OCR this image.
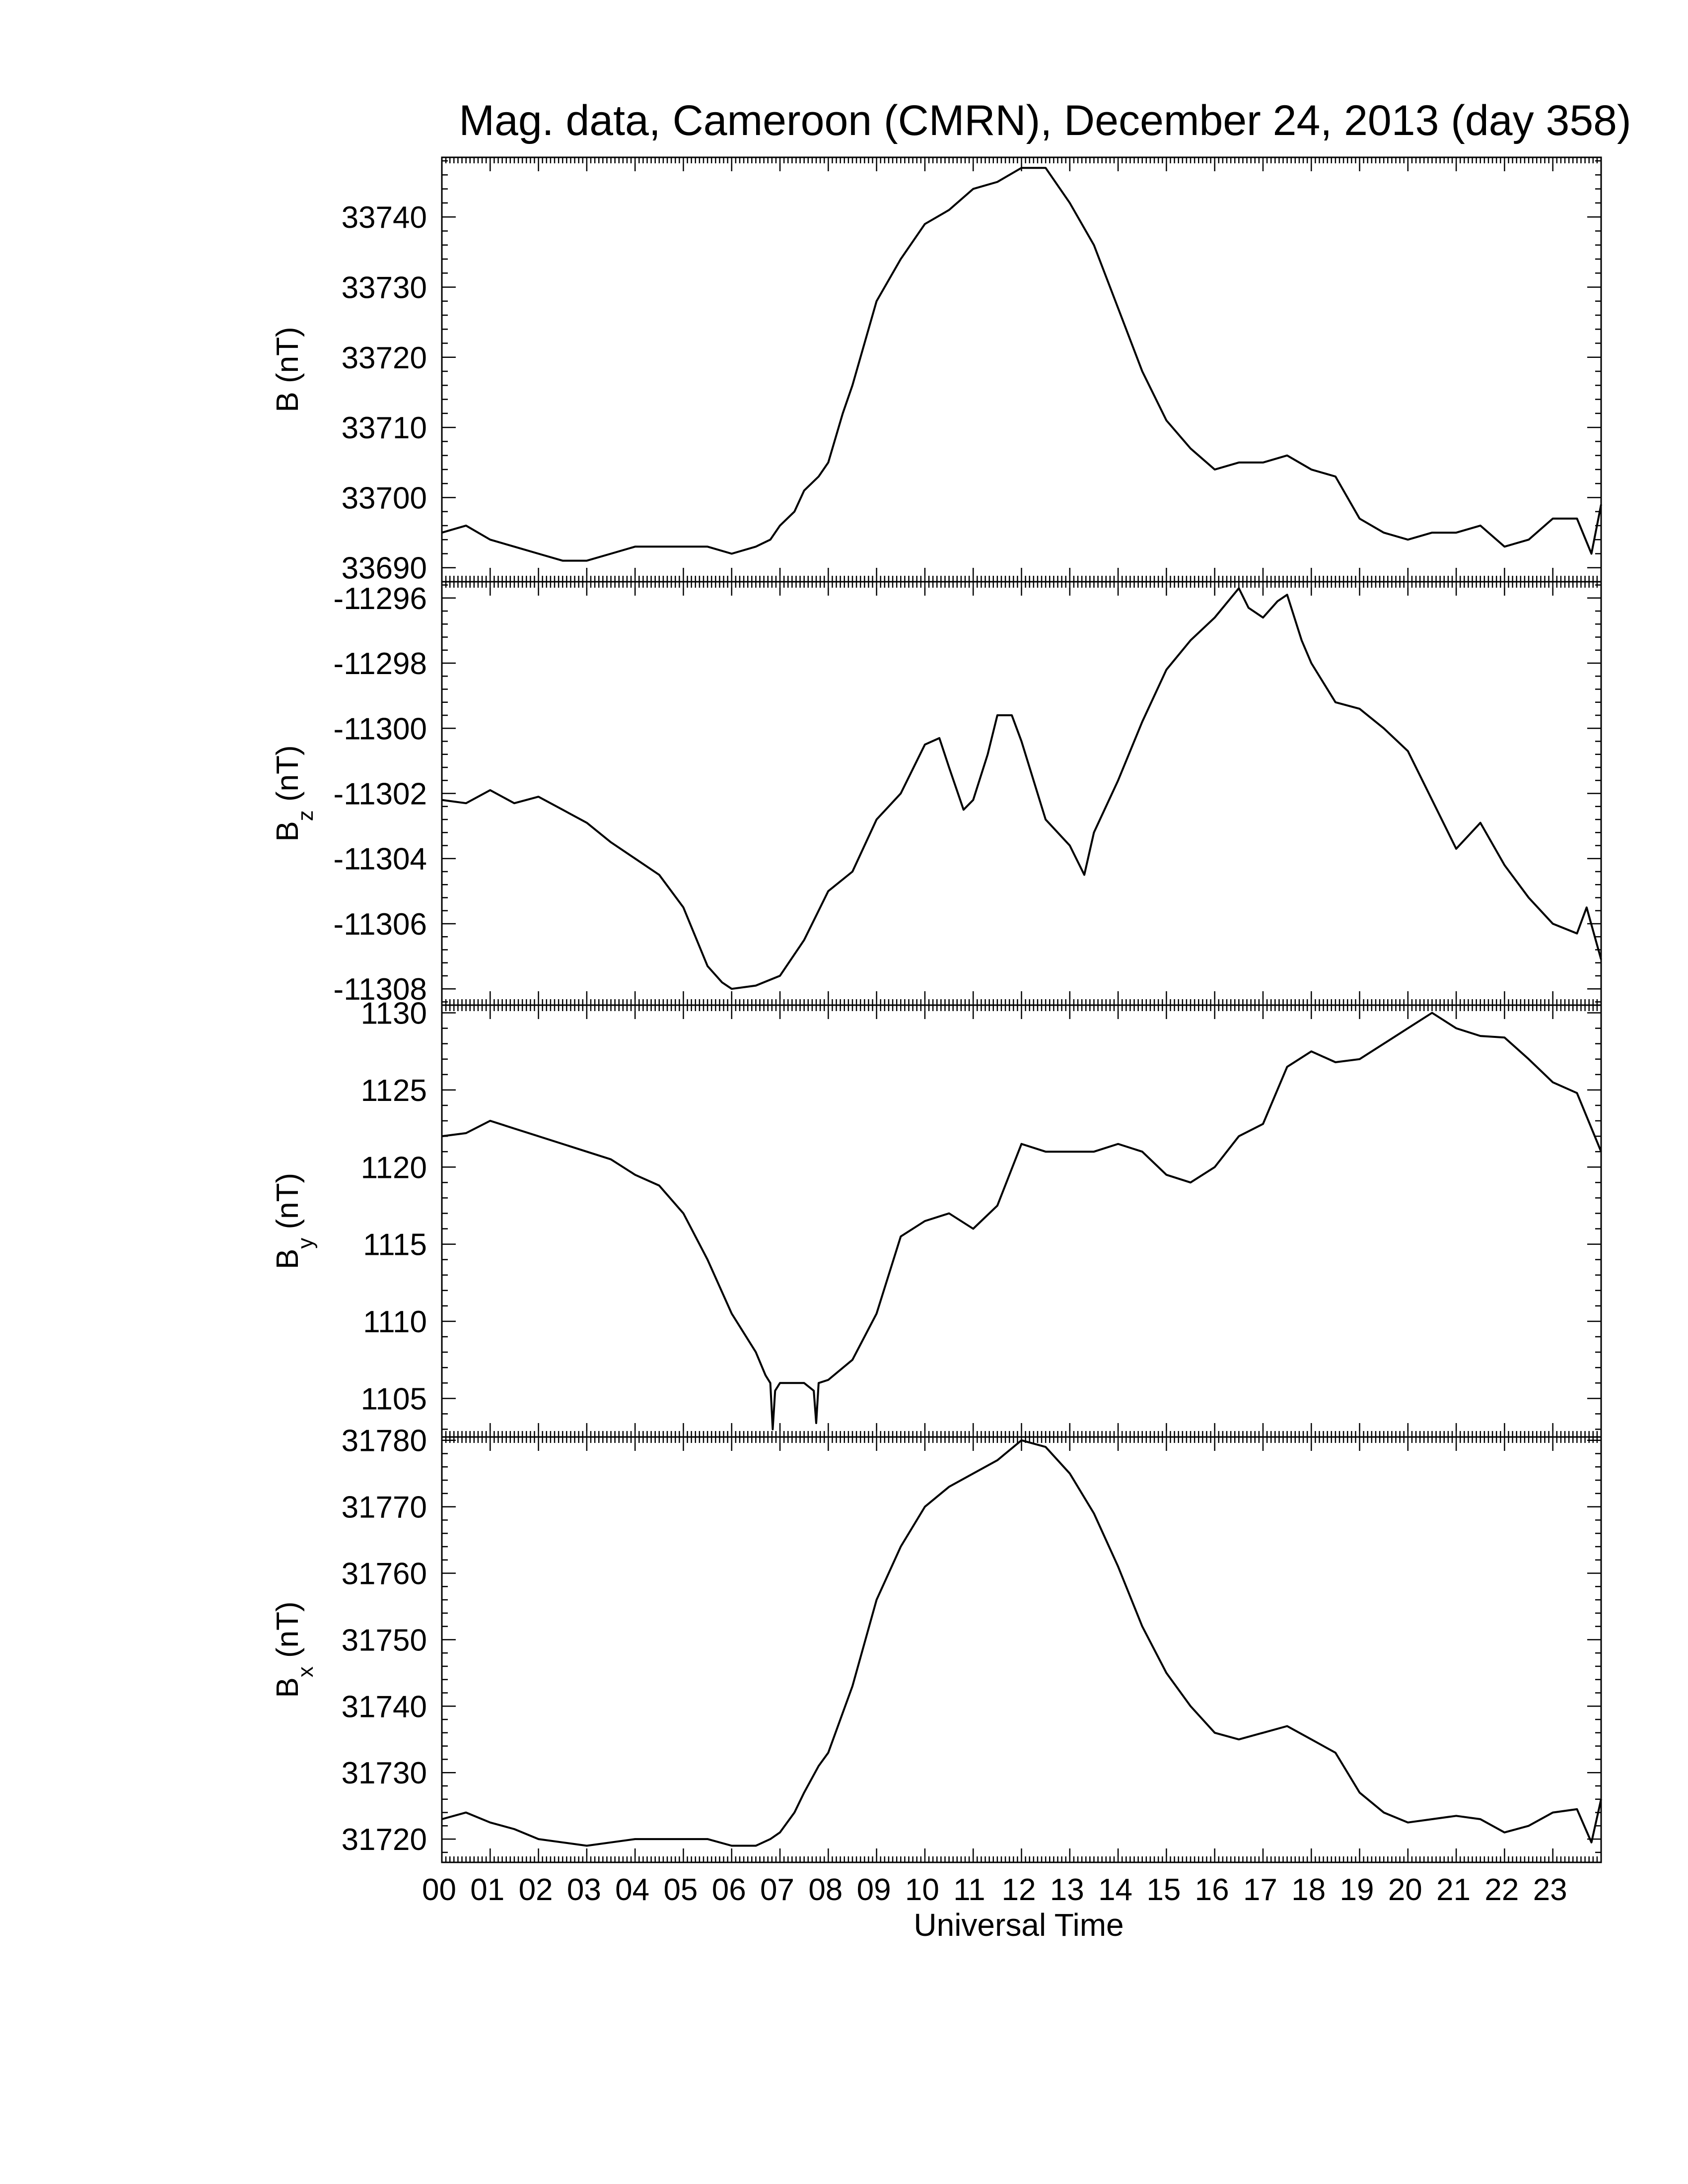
Mag. data, Cameroon (CMRN), December 24, 2013 (day 358)
33690
33700
33710
33720
33730
33740
B (nT)
-11308
-11306
-11304
-11302
-11300
-11298
-11296
$B_z$ (nT)
1105
1110
1115
1120
1125
1130
$B_y$ (nT)
31720
31730
31740
31750
31760
31770
31780
$B_x$ (nT)
00 01 02 03 04 05 06 07 08 09 10 11 12 13 14 15 16 17 18 19 20 21 22 23
Universal Time
